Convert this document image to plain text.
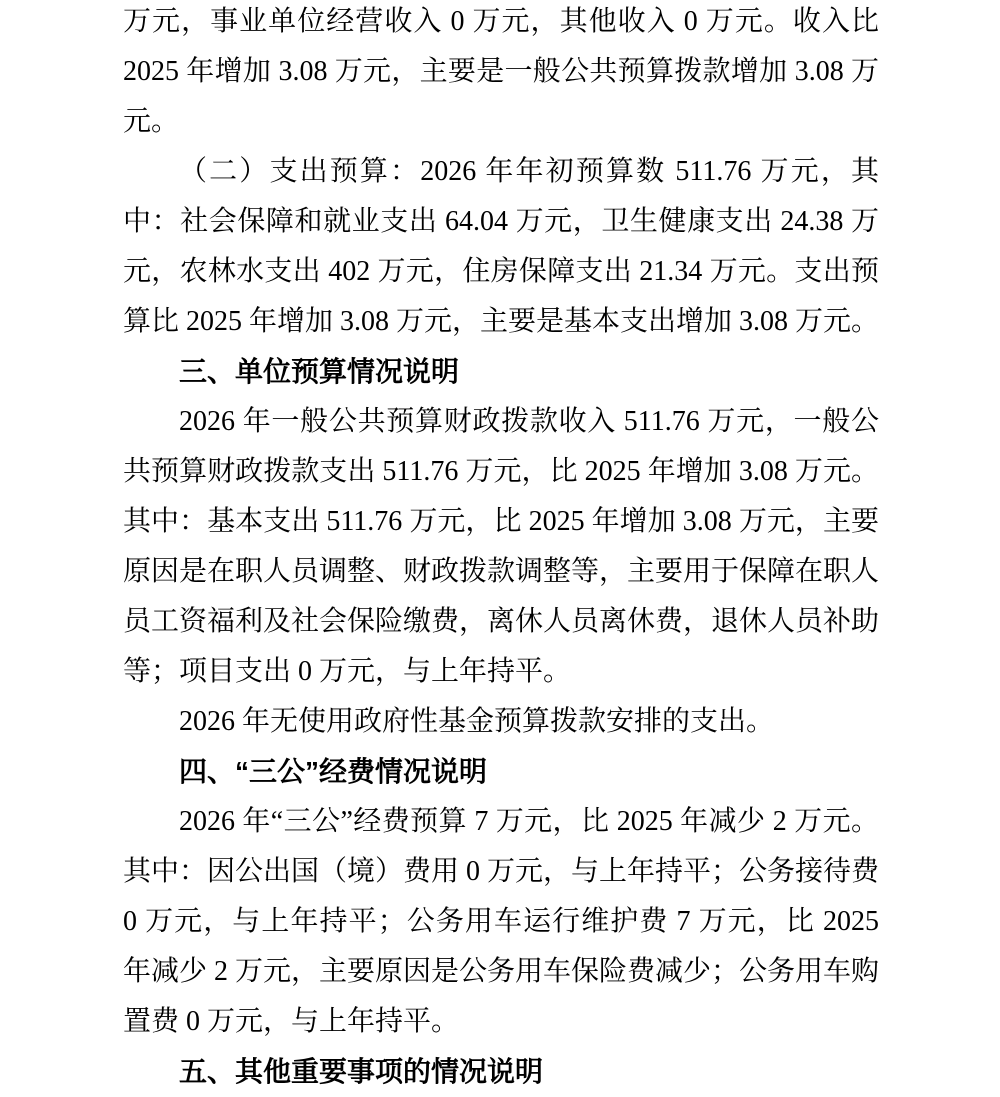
万元，事业单位经营收入 0 万元，其他收入 0 万元。收入比 2025 年增加 3.08 万元，主要是一般公共预算拨款增加 3.08 万元。

（二）支出预算：2026 年年初预算数 511.76 万元，其中：社会保障和就业支出 64.04 万元，卫生健康支出 24.38 万元，农林水支出 402 万元，住房保障支出 21.34 万元。支出预算比 2025 年增加 3.08 万元，主要是基本支出增加 3.08 万元。

三、单位预算情况说明

2026 年一般公共预算财政拨款收入 511.76 万元，一般公共预算财政拨款支出 511.76 万元，比 2025 年增加 3.08 万元。其中：基本支出 511.76 万元，比 2025 年增加 3.08 万元，主要原因是在职人员调整、财政拨款调整等，主要用于保障在职人员工资福利及社会保险缴费，离休人员离休费，退休人员补助等；项目支出 0 万元，与上年持平。

2026 年无使用政府性基金预算拨款安排的支出。

四、“三公”经费情况说明

2026 年“三公”经费预算 7 万元，比 2025 年减少 2 万元。其中：因公出国（境）费用 0 万元，与上年持平；公务接待费 0 万元，与上年持平；公务用车运行维护费 7 万元，比 2025 年减少 2 万元，主要原因是公务用车保险费减少；公务用车购置费 0 万元，与上年持平。

五、其他重要事项的情况说明
